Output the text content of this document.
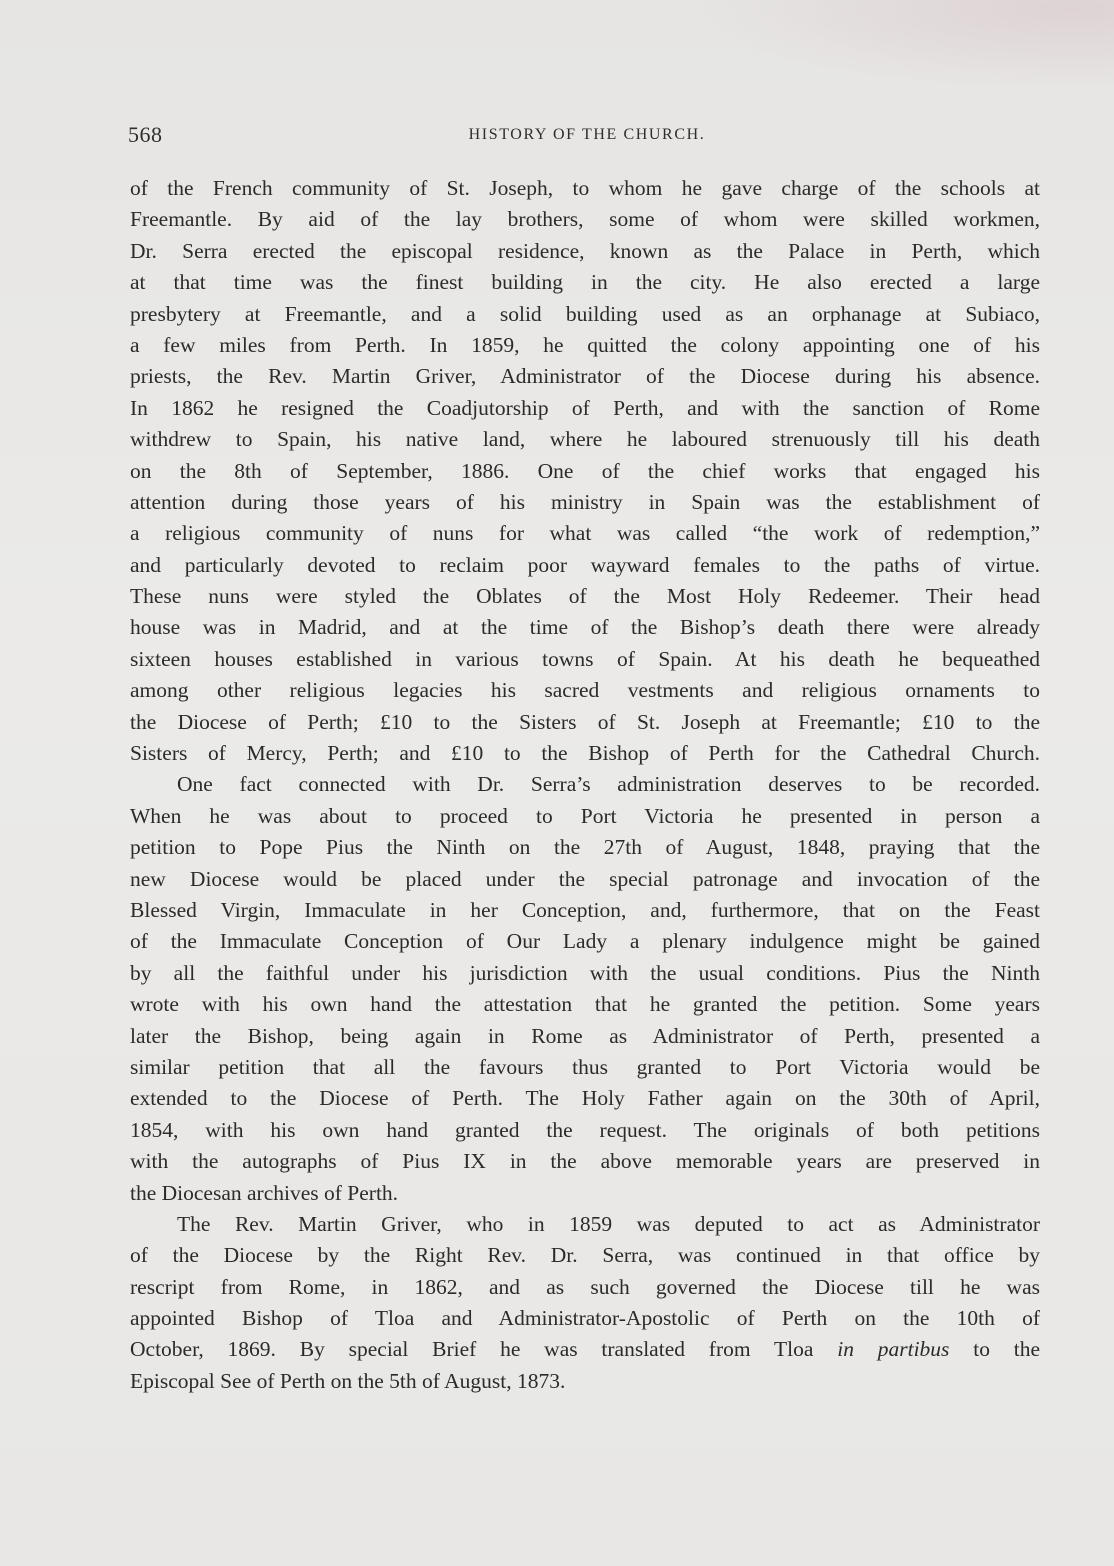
568	HISTORY OF THE CHURCH.
of the French community of St. Joseph, to whom he gave charge of the schools at
Freemantle. By aid of the lay brothers, some of whom were skilled workmen,
Dr. Serra erected the episcopal residence, known as the Palace in Perth, which
at that time was the finest building in the city. He also erected a large
presbytery at Freemantle, and a solid building used as an orphanage at Subiaco,
a few miles from Perth. In 1859, he quitted the colony appointing one of his
priests, the Rev. Martin Griver, Administrator of the Diocese during his absence.
In 1862 he resigned the Coadjutorship of Perth, and with the sanction of Rome
withdrew to Spain, his native land, where he laboured strenuously till his death
on the 8th of September, 1886. One of the chief works that engaged his
attention during those years of his ministry in Spain was the establishment of
a religious community of nuns for what was called “the work of redemption,”
and particularly devoted to reclaim poor wayward females to the paths of virtue.
These nuns were styled the Oblates of the Most Holy Redeemer. Their head
house was in Madrid, and at the time of the Bishop’s death there were already
sixteen houses established in various towns of Spain. At his death he bequeathed
among other religious legacies his sacred vestments and religious ornaments to
the Diocese of Perth; £10 to the Sisters of St. Joseph at Freemantle; £10 to the
Sisters of Mercy, Perth; and £10 to the Bishop of Perth for the Cathedral Church.
One fact connected with Dr. Serra’s administration deserves to be recorded.
When he was about to proceed to Port Victoria he presented in person a
petition to Pope Pius the Ninth on the 27th of August, 1848, praying that the
new Diocese would be placed under the special patronage and invocation of the
Blessed Virgin, Immaculate in her Conception, and, furthermore, that on the Feast
of the Immaculate Conception of Our Lady a plenary indulgence might be gained
by all the faithful under his jurisdiction with the usual conditions. Pius the Ninth
wrote with his own hand the attestation that he granted the petition. Some years
later the Bishop, being again in Rome as Administrator of Perth, presented a
similar petition that all the favours thus granted to Port Victoria would be
extended to the Diocese of Perth. The Holy Father again on the 30th of April,
1854, with his own hand granted the request. The originals of both petitions
with the autographs of Pius IX in the above memorable years are preserved in
the Diocesan archives of Perth.
The Rev. Martin Griver, who in 1859 was deputed to act as Administrator
of the Diocese by the Right Rev. Dr. Serra, was continued in that office by
rescript from Rome, in 1862, and as such governed the Diocese till he was
appointed Bishop of Tloa and Administrator-Apostolic of Perth on the 10th of
October, 1869. By special Brief he was translated from Tloa in partibus to the
Episcopal See of Perth on the 5th of August, 1873.
